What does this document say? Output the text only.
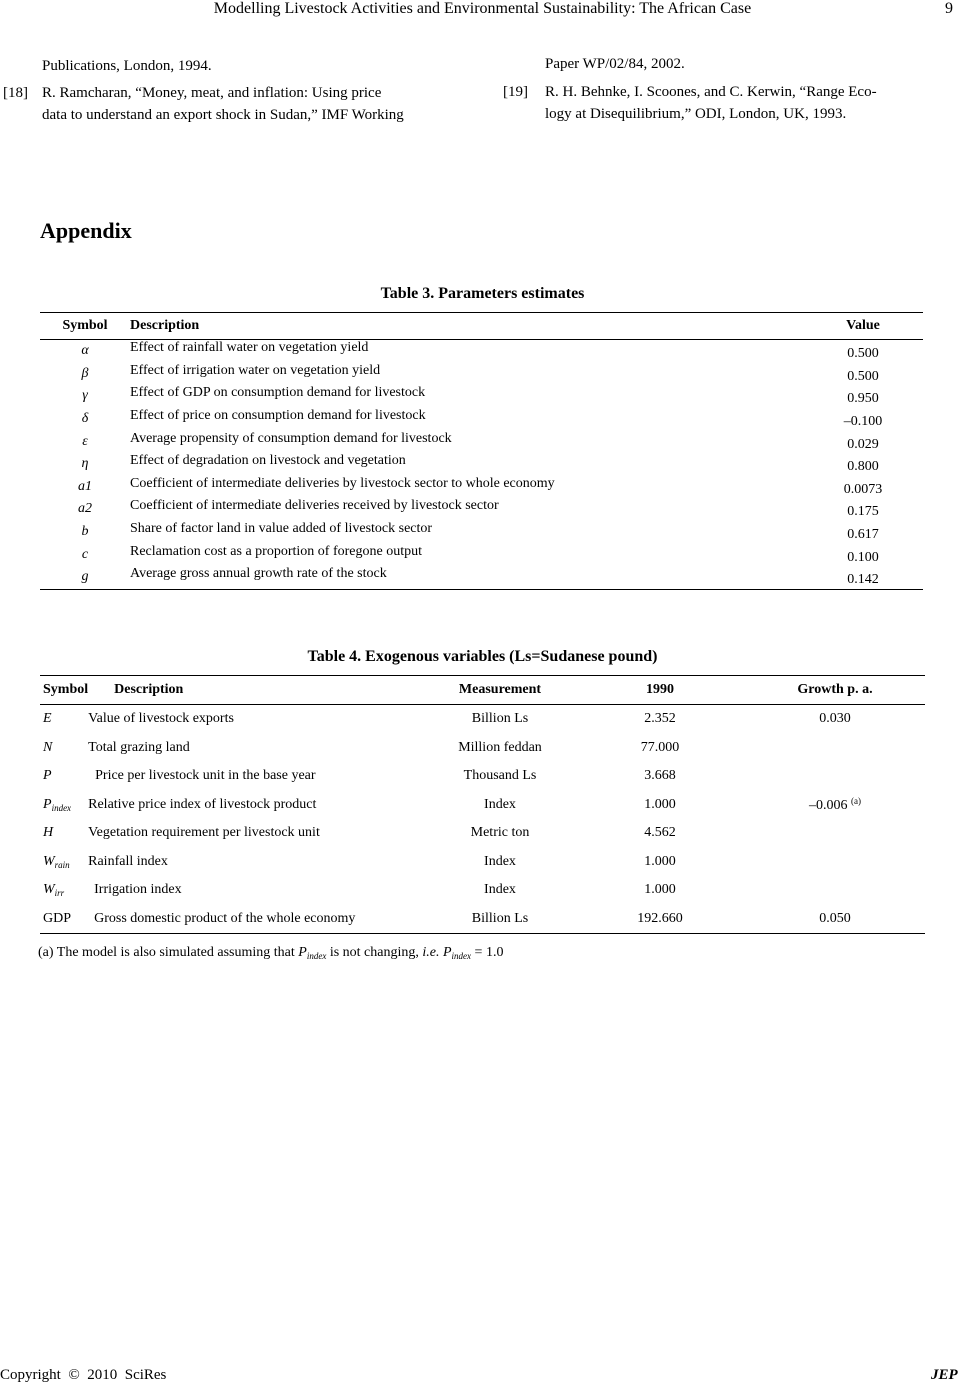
Modelling Livestock Activities and Environmental Sustainability: The African Case	9
Publications, London, 1994.
[18] R. Ramcharan, “Money, meat, and inflation: Using price
data to understand an export shock in Sudan,” IMF Working
Paper WP/02/84, 2002.
[19] R. H. Behnke, I. Scoones, and C. Kerwin, “Range Eco-
logy at Disequilibrium,” ODI, London, UK, 1993.
Appendix
Table 3. Parameters estimates
Symbol	Description	Value
α	Effect of rainfall water on vegetation yield	0.500
β	Effect of irrigation water on vegetation yield	0.500
γ	Effect of GDP on consumption demand for livestock	0.950
δ	Effect of price on consumption demand for livestock	–0.100
ε	Average propensity of consumption demand for livestock	0.029
η	Effect of degradation on livestock and vegetation	0.800
a1	Coefficient of intermediate deliveries by livestock sector to whole economy	0.0073
a2	Coefficient of intermediate deliveries received by livestock sector	0.175
b	Share of factor land in value added of livestock sector	0.617
c	Reclamation cost as a proportion of foregone output	0.100
g	Average gross annual growth rate of the stock	0.142
Table 4. Exogenous variables (Ls=Sudanese pound)
Symbol	Description	Measurement	1990	Growth p. a.
E	Value of livestock exports	Billion Ls	2.352	0.030
N	Total grazing land	Million feddan	77.000	
P	Price per livestock unit in the base year	Thousand Ls	3.668	
$P_{index}$	Relative price index of livestock product	Index	1.000	–0.006 $^{(a)}$
H	Vegetation requirement per livestock unit	Metric ton	4.562	
$W_{rain}$	Rainfall index	Index	1.000	
$W_{irr}$	Irrigation index	Index	1.000	
GDP	Gross domestic product of the whole economy	Billion Ls	192.660	0.050
(a) The model is also simulated assuming that $P_{index}$ is not changing, i.e. $P_{index} = 1.0$
Copyright  ©  2010  SciRes	JEP
